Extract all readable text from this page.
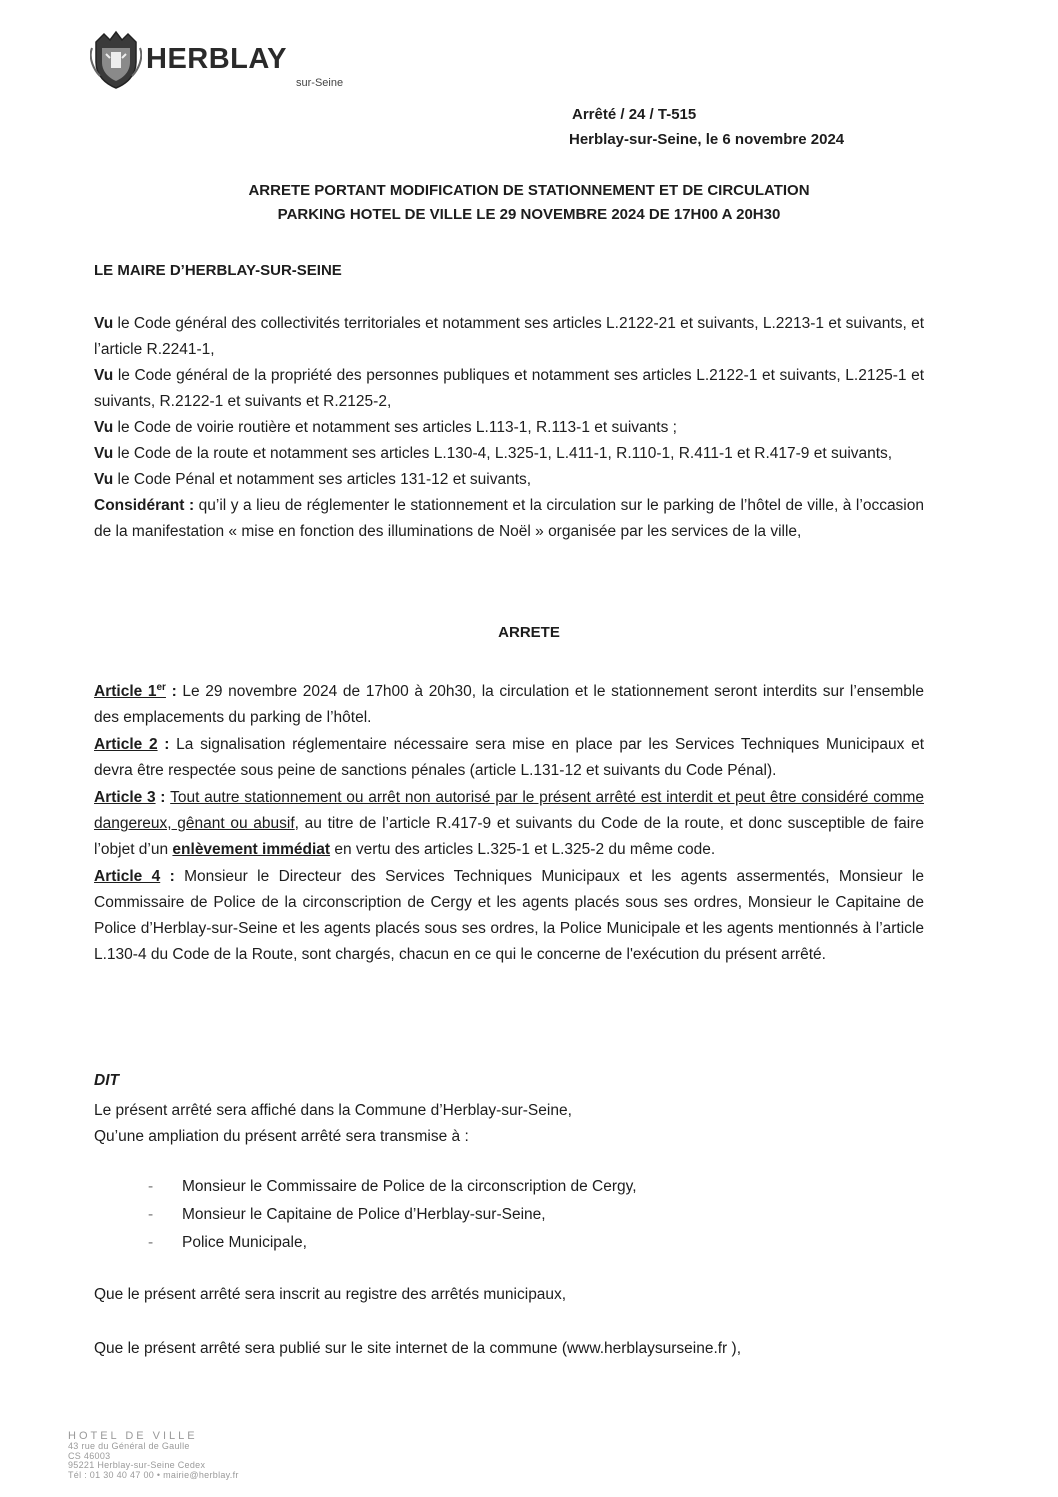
HERBLAY
sur-Seine
Arrêté / 24 / T-515
Herblay-sur-Seine, le 6 novembre 2024
ARRETE PORTANT MODIFICATION DE STATIONNEMENT ET DE CIRCULATION
PARKING HOTEL DE VILLE LE 29 NOVEMBRE 2024 DE 17H00 A 20H30
LE MAIRE D’HERBLAY-SUR-SEINE

Vu le Code général des collectivités territoriales et notamment ses articles L.2122-21 et suivants, L.2213-1 et suivants, et l’article R.2241-1,

Vu le Code général de la propriété des personnes publiques et notamment ses articles L.2122-1 et suivants, L.2125-1 et suivants, R.2122-1 et suivants et R.2125-2,

Vu le Code de voirie routière et notamment ses articles L.113-1, R.113-1 et suivants ;

Vu le Code de la route et notamment ses articles L.130-4, L.325-1, L.411-1, R.110-1, R.411-1 et R.417-9 et suivants,

Vu le Code Pénal et notamment ses articles 131-12 et suivants,

Considérant : qu’il y a lieu de réglementer le stationnement et la circulation sur le parking de l’hôtel de ville, à l’occasion de la manifestation « mise en fonction des illuminations de Noël » organisée par les services de la ville,

ARRETE

Article 1er : Le 29 novembre 2024 de 17h00 à 20h30, la circulation et le stationnement seront interdits sur l’ensemble des emplacements du parking de l’hôtel.

Article 2 : La signalisation réglementaire nécessaire sera mise en place par les Services Techniques Municipaux et devra être respectée sous peine de sanctions pénales (article L.131-12 et suivants du Code Pénal).

Article 3 : Tout autre stationnement ou arrêt non autorisé par le présent arrêté est interdit et peut être considéré comme dangereux, gênant ou abusif, au titre de l’article R.417-9 et suivants du Code de la route, et donc susceptible de faire l’objet d’un enlèvement immédiat en vertu des articles L.325-1 et L.325-2 du même code.

Article 4 : Monsieur le Directeur des Services Techniques Municipaux et les agents assermentés, Monsieur le Commissaire de Police de la circonscription de Cergy et les agents placés sous ses ordres, Monsieur le Capitaine de Police d’Herblay-sur-Seine et les agents placés sous ses ordres, la Police Municipale et les agents mentionnés à l’article L.130-4 du Code de la Route, sont chargés, chacun en ce qui le concerne de l'exécution du présent arrêté.

DIT

Le présent arrêté sera affiché dans la Commune d’Herblay-sur-Seine,

Qu’une ampliation du présent arrêté sera transmise à :

- Monsieur le Commissaire de Police de la circonscription de Cergy,
- Monsieur le Capitaine de Police d’Herblay-sur-Seine,
- Police Municipale,
Que le présent arrêté sera inscrit au registre des arrêtés municipaux,
Que le présent arrêté sera publié sur le site internet de la commune (www.herblaysurseine.fr ),
HOTEL DE VILLE
43 rue du Général de Gaulle
CS 46003
95221 Herblay-sur-Seine Cedex
Tél : 01 30 40 47 00 • mairie@herblay.fr
